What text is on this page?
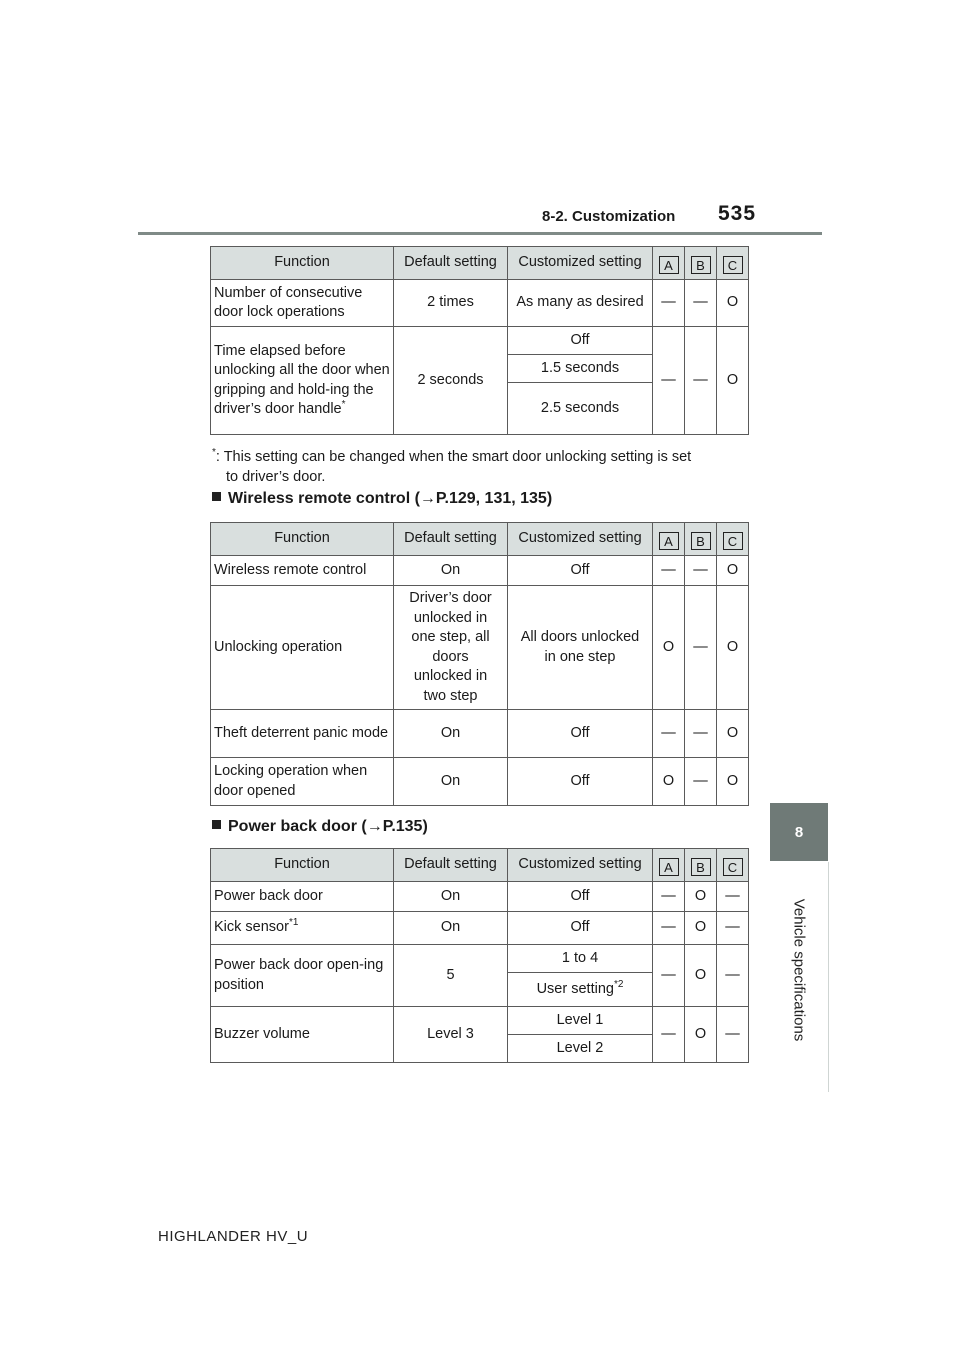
8-2. Customization 535
8
Vehicle specifications
Function	Default setting	Customized setting	A	B	C
Number of consecutive door lock operations	2 times	As many as desired	—	—	O
Time elapsed before unlocking all the door when gripping and hold-ing the driver’s door handle*	2 seconds	Off	—	—	O
		1.5 seconds			
		2.5 seconds			
*: This setting can be changed when the smart door unlocking setting is set
to driver’s door.
Wireless remote control (→P.129, 131, 135)
Function	Default setting	Customized setting	A	B	C
Wireless remote control	On	Off	—	—	O
Unlocking operation	Driver’s door unlocked in one step, all doors unlocked in two step	All doors unlocked in one step	O	—	O
Theft deterrent panic mode	On	Off	—	—	O
Locking operation when door opened	On	Off	O	—	O
Power back door (→P.135)
Function	Default setting	Customized setting	A	B	C
Power back door	On	Off	—	O	—
Kick sensor$^{*1}$	On	Off	—	O	—
Power back door open-ing position	5	1 to 4	—	O	—
		User setting$^{*2}$
Buzzer volume	Level 3	Level 1	—	O	—
		Level 2			
HIGHLANDER HV_U
